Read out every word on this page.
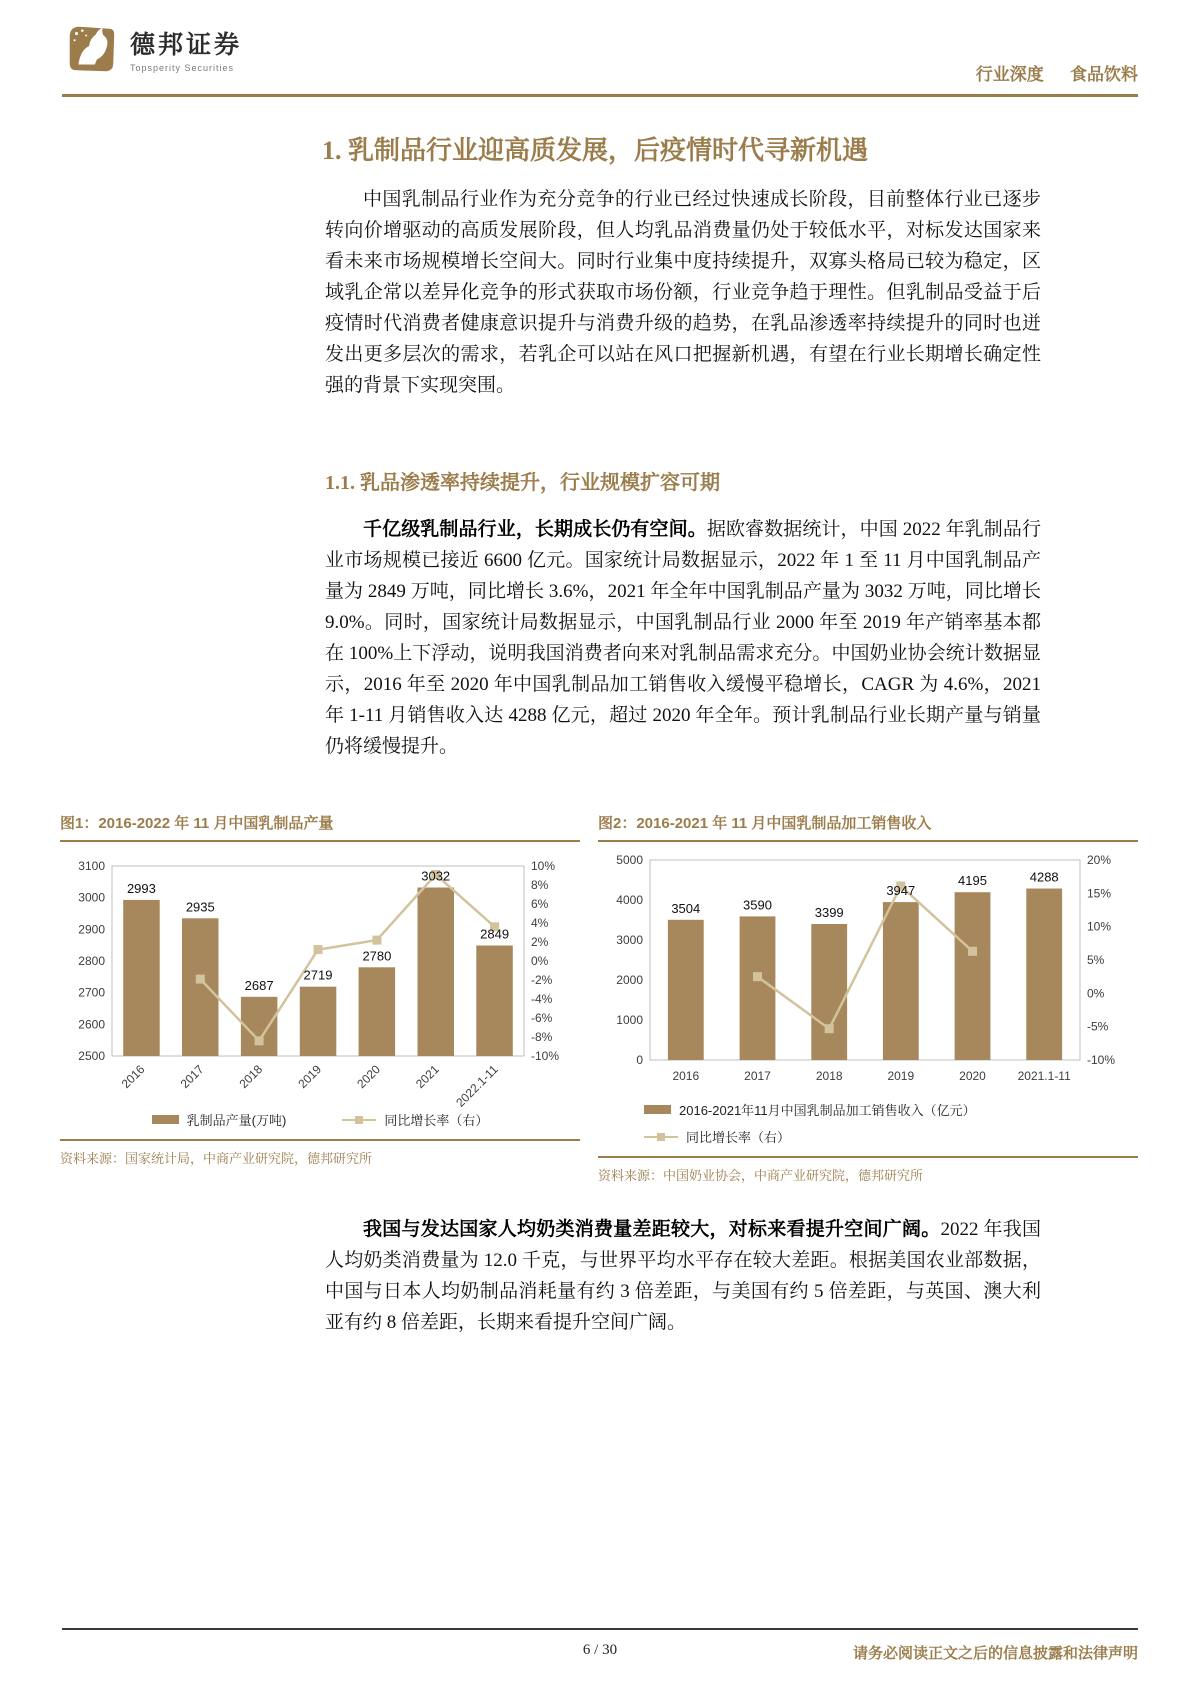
德邦证券
Topsperity Securities	行业深度 食品饮料
1. 乳制品行业迎高质发展，后疫情时代寻新机遇

中国乳制品行业作为充分竞争的行业已经过快速成长阶段，目前整体行业已逐步转向价增驱动的高质发展阶段，但人均乳品消费量仍处于较低水平，对标发达国家来看未来市场规模增长空间大。同时行业集中度持续提升，双寡头格局已较为稳定，区域乳企常以差异化竞争的形式获取市场份额，行业竞争趋于理性。但乳制品受益于后疫情时代消费者健康意识提升与消费升级的趋势，在乳品渗透率持续提升的同时也迸发出更多层次的需求，若乳企可以站在风口把握新机遇，有望在行业长期增长确定性强的背景下实现突围。

1.1. 乳品渗透率持续提升，行业规模扩容可期

千亿级乳制品行业，长期成长仍有空间。据欧睿数据统计，中国 2022 年乳制品行业市场规模已接近 6600 亿元。国家统计局数据显示，2022 年 1 至 11 月中国乳制品产量为 2849 万吨，同比增长 3.6%，2021 年全年中国乳制品产量为 3032 万吨，同比增长 9.0%。同时，国家统计局数据显示，中国乳制品行业 2000 年至 2019 年产销率基本都在 100%上下浮动，说明我国消费者向来对乳制品需求充分。中国奶业协会统计数据显示，2016 年至 2020 年中国乳制品加工销售收入缓慢平稳增长，CAGR 为 4.6%，2021 年 1-11 月销售收入达 4288 亿元，超过 2020 年全年。预计乳制品行业长期产量与销量仍将缓慢提升。

图1：2016-2022 年 11 月中国乳制品产量
2500
2600
2700
2800
2900
3000
3100
-10%
-8%
-6%
-4%
-2%
0%
2%
4%
6%
8%
10%
2993
2935
2687
2719
2780
3032
2849
2016	2017	2018	2019	2020	2021 2022.1-11
乳制品产量(万吨)	同比增长率（右）
资料来源：国家统计局，中商产业研究院，德邦研究所
图2：2016-2021 年 11 月中国乳制品加工销售收入
0
1000
2000
3000
4000
5000
-10%
-5%
0%
5%
10%
15%
20%
3504	3590
3399
3947
4195	4288
2016	2017	2018	2019	2020	2021.1-11
2016-2021年11月中国乳制品加工销售收入（亿元）
同比增长率（右）
资料来源：中国奶业协会，中商产业研究院，德邦研究所

我国与发达国家人均奶类消费量差距较大，对标来看提升空间广阔。2022 年我国人均奶类消费量为 12.0 千克，与世界平均水平存在较大差距。根据美国农业部数据，中国与日本人均奶制品消耗量有约 3 倍差距，与美国有约 5 倍差距，与英国、澳大利亚有约 8 倍差距，长期来看提升空间广阔。

6 / 30	请务必阅读正文之后的信息披露和法律声明
